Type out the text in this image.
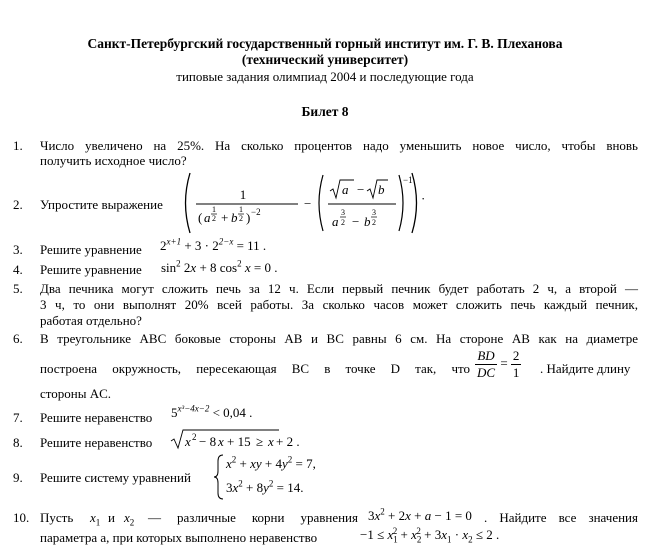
Санкт-Петербургский государственный горный институт им. Г. В. Плеханова
(технический университет)
типовые задания олимпиад 2004 и последующие года
Билет 8
1. Число увеличено на 25%. На сколько процентов надо уменьшить новое число, чтобы вновь
получить исходное число?
2. Упростите выражение
1
( a
1
2 + b
1
2 ) −2
−
a − b
a
3
2 − b
3
2
−1
·
3. Решите уравнение $2^{x+1} + 3 \cdot 2^{2-x} = 11$ .
4. Решите уравнение $\sin^2 2x + 8$ $\cos^2 x = 0$ .
5. Два печника могут сложить печь за 12 ч. Если первый печник будет работать 2 ч, а второй —
3 ч, то они выполнят 20% всей работы. За сколько часов может сложить печь каждый печник,
работая отдельно?
6. В треугольнике ABC боковые стороны AB и BC равны 6 см. На стороне AB как на диаметре
построена окружность, пересекающая BC в точке D так, что $\frac{BD}{DC} = \frac{2}{1}$ . Найдите длину
стороны AC.
7. Решите неравенство $5^{x^3-4x-2} < 0,04$ .
8. Решите неравенство	x 2 − 8 x + 15 ≥ x + 2 .
9. Решите систему уравнений
$x^2$ + xy + $4y^2 = 7$,
$3x^2 + 8y^2 = 14$.
10. Пусть $x_1$ и $x_2$ — различные корни уравнения $3x^2 + 2x + a - 1 = 0$ . Найдите все значения
параметра a, при которых выполнено неравенство	$-1 \le x_1^2 + x_2^2 + 3x_1 \cdot x_2 \le 2$ .
